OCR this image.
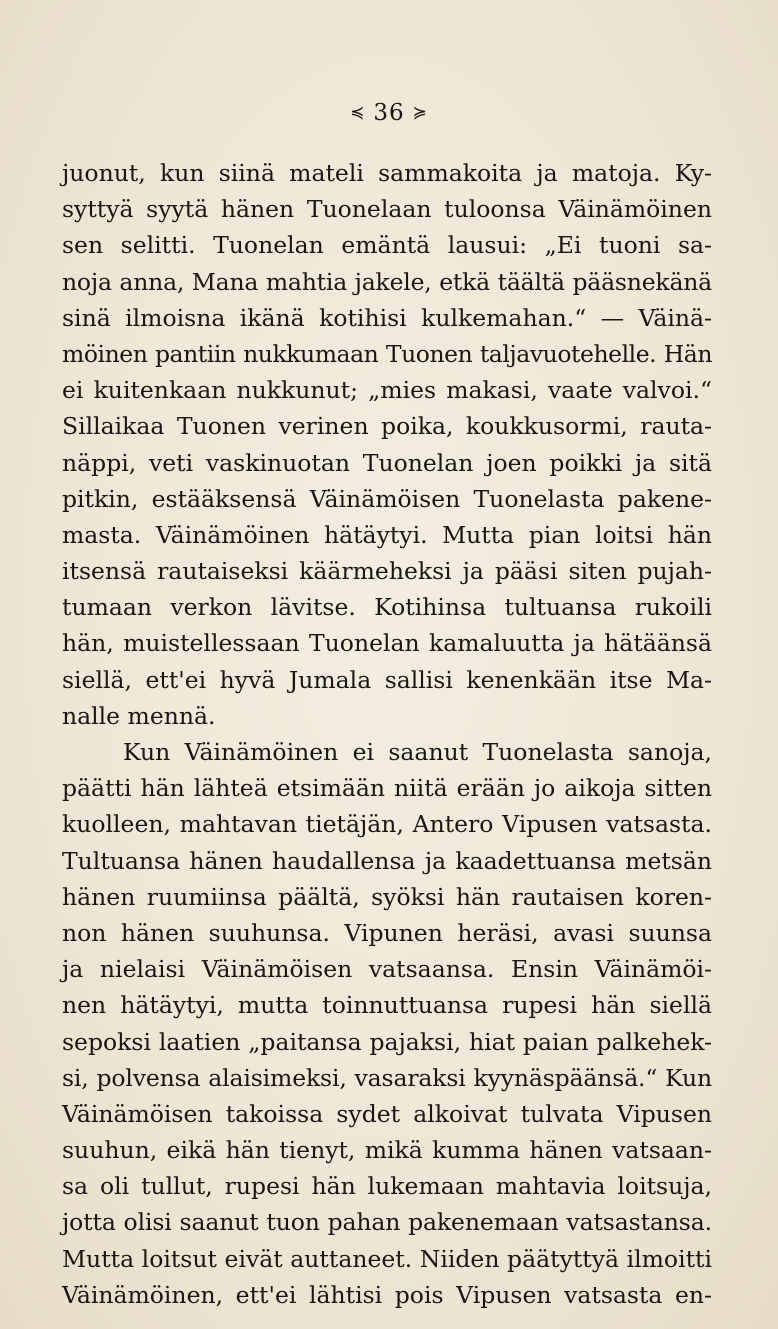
≼ 36 ≽
juonut, kun siinä mateli sammakoita ja matoja. Ky-
syttyä syytä hänen Tuonelaan tuloonsa Väinämöinen
sen selitti. Tuonelan emäntä lausui: „Ei tuoni sa-
noja anna, Mana mahtia jakele, etkä täältä pääsnekänä
sinä ilmoisna ikänä kotihisi kulkemahan.“ — Väinä-
möinen pantiin nukkumaan Tuonen taljavuotehelle. Hän
ei kuitenkaan nukkunut; „mies makasi, vaate valvoi.“
Sillaikaa Tuonen verinen poika, koukkusormi, rauta-
näppi, veti vaskinuotan Tuonelan joen poikki ja sitä
pitkin, estääksensä Väinämöisen Tuonelasta pakene-
masta. Väinämöinen hätäytyi. Mutta pian loitsi hän
itsensä rautaiseksi käärmeheksi ja pääsi siten pujah-
tumaan verkon lävitse. Kotihinsa tultuansa rukoili
hän, muistellessaan Tuonelan kamaluutta ja hätäänsä
siellä, ett'ei hyvä Jumala sallisi kenenkään itse Ma-
nalle mennä.
Kun Väinämöinen ei saanut Tuonelasta sanoja,
päätti hän lähteä etsimään niitä erään jo aikoja sitten
kuolleen, mahtavan tietäjän, Antero Vipusen vatsasta.
Tultuansa hänen haudallensa ja kaadettuansa metsän
hänen ruumiinsa päältä, syöksi hän rautaisen koren-
non hänen suuhunsa. Vipunen heräsi, avasi suunsa
ja nielaisi Väinämöisen vatsaansa. Ensin Väinämöi-
nen hätäytyi, mutta toinnuttuansa rupesi hän siellä
sepoksi laatien „paitansa pajaksi, hiat paian palkehek-
si, polvensa alaisimeksi, vasaraksi kyynäspäänsä.“ Kun
Väinämöisen takoissa sydet alkoivat tulvata Vipusen
suuhun, eikä hän tienyt, mikä kumma hänen vatsaan-
sa oli tullut, rupesi hän lukemaan mahtavia loitsuja,
jotta olisi saanut tuon pahan pakenemaan vatsastansa.
Mutta loitsut eivät auttaneet. Niiden päätyttyä ilmoitti
Väinämöinen, ett'ei lähtisi pois Vipusen vatsasta en-
